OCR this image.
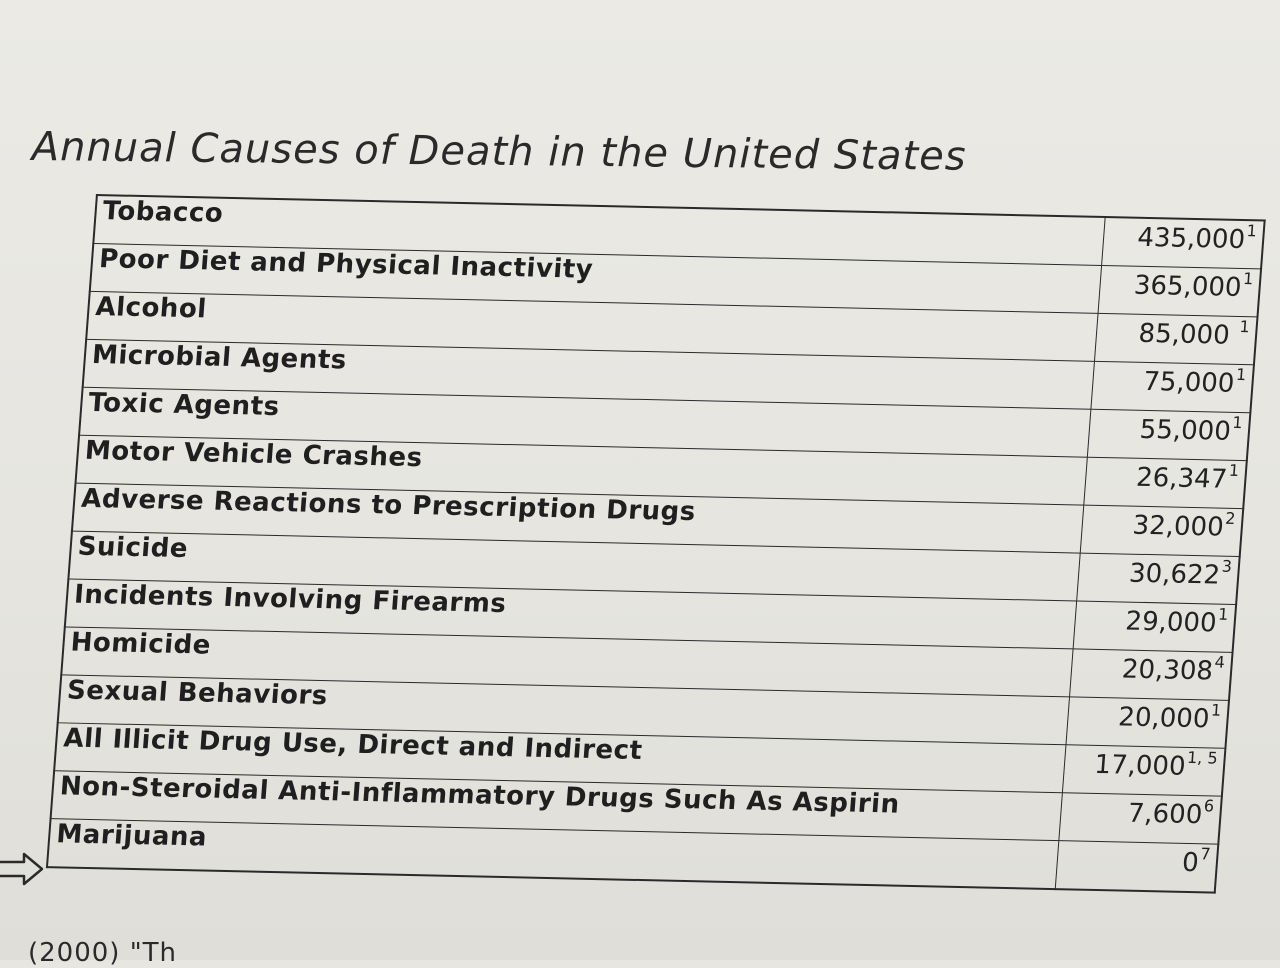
Annual Causes of Death in the United States
Tobacco	435,000$^1$
Poor Diet and Physical Inactivity	365,000$^1$
Alcohol	85,000 $^1$
Microbial Agents	75,000$^1$
Toxic Agents	55,000$^1$
Motor Vehicle Crashes	26,347$^1$
Adverse Reactions to Prescription Drugs	32,000$^2$
Suicide	30,622$^3$
Incidents Involving Firearms	29,000$^1$
Homicide	20,308$^4$
Sexual Behaviors	20,000$^1$
All Illicit Drug Use, Direct and Indirect	17,000$^{1, 5}$
Non-Steroidal Anti-Inflammatory Drugs Such As Aspirin	7,600$^6$
Marijuana	$0^7$
(2000) "Th
